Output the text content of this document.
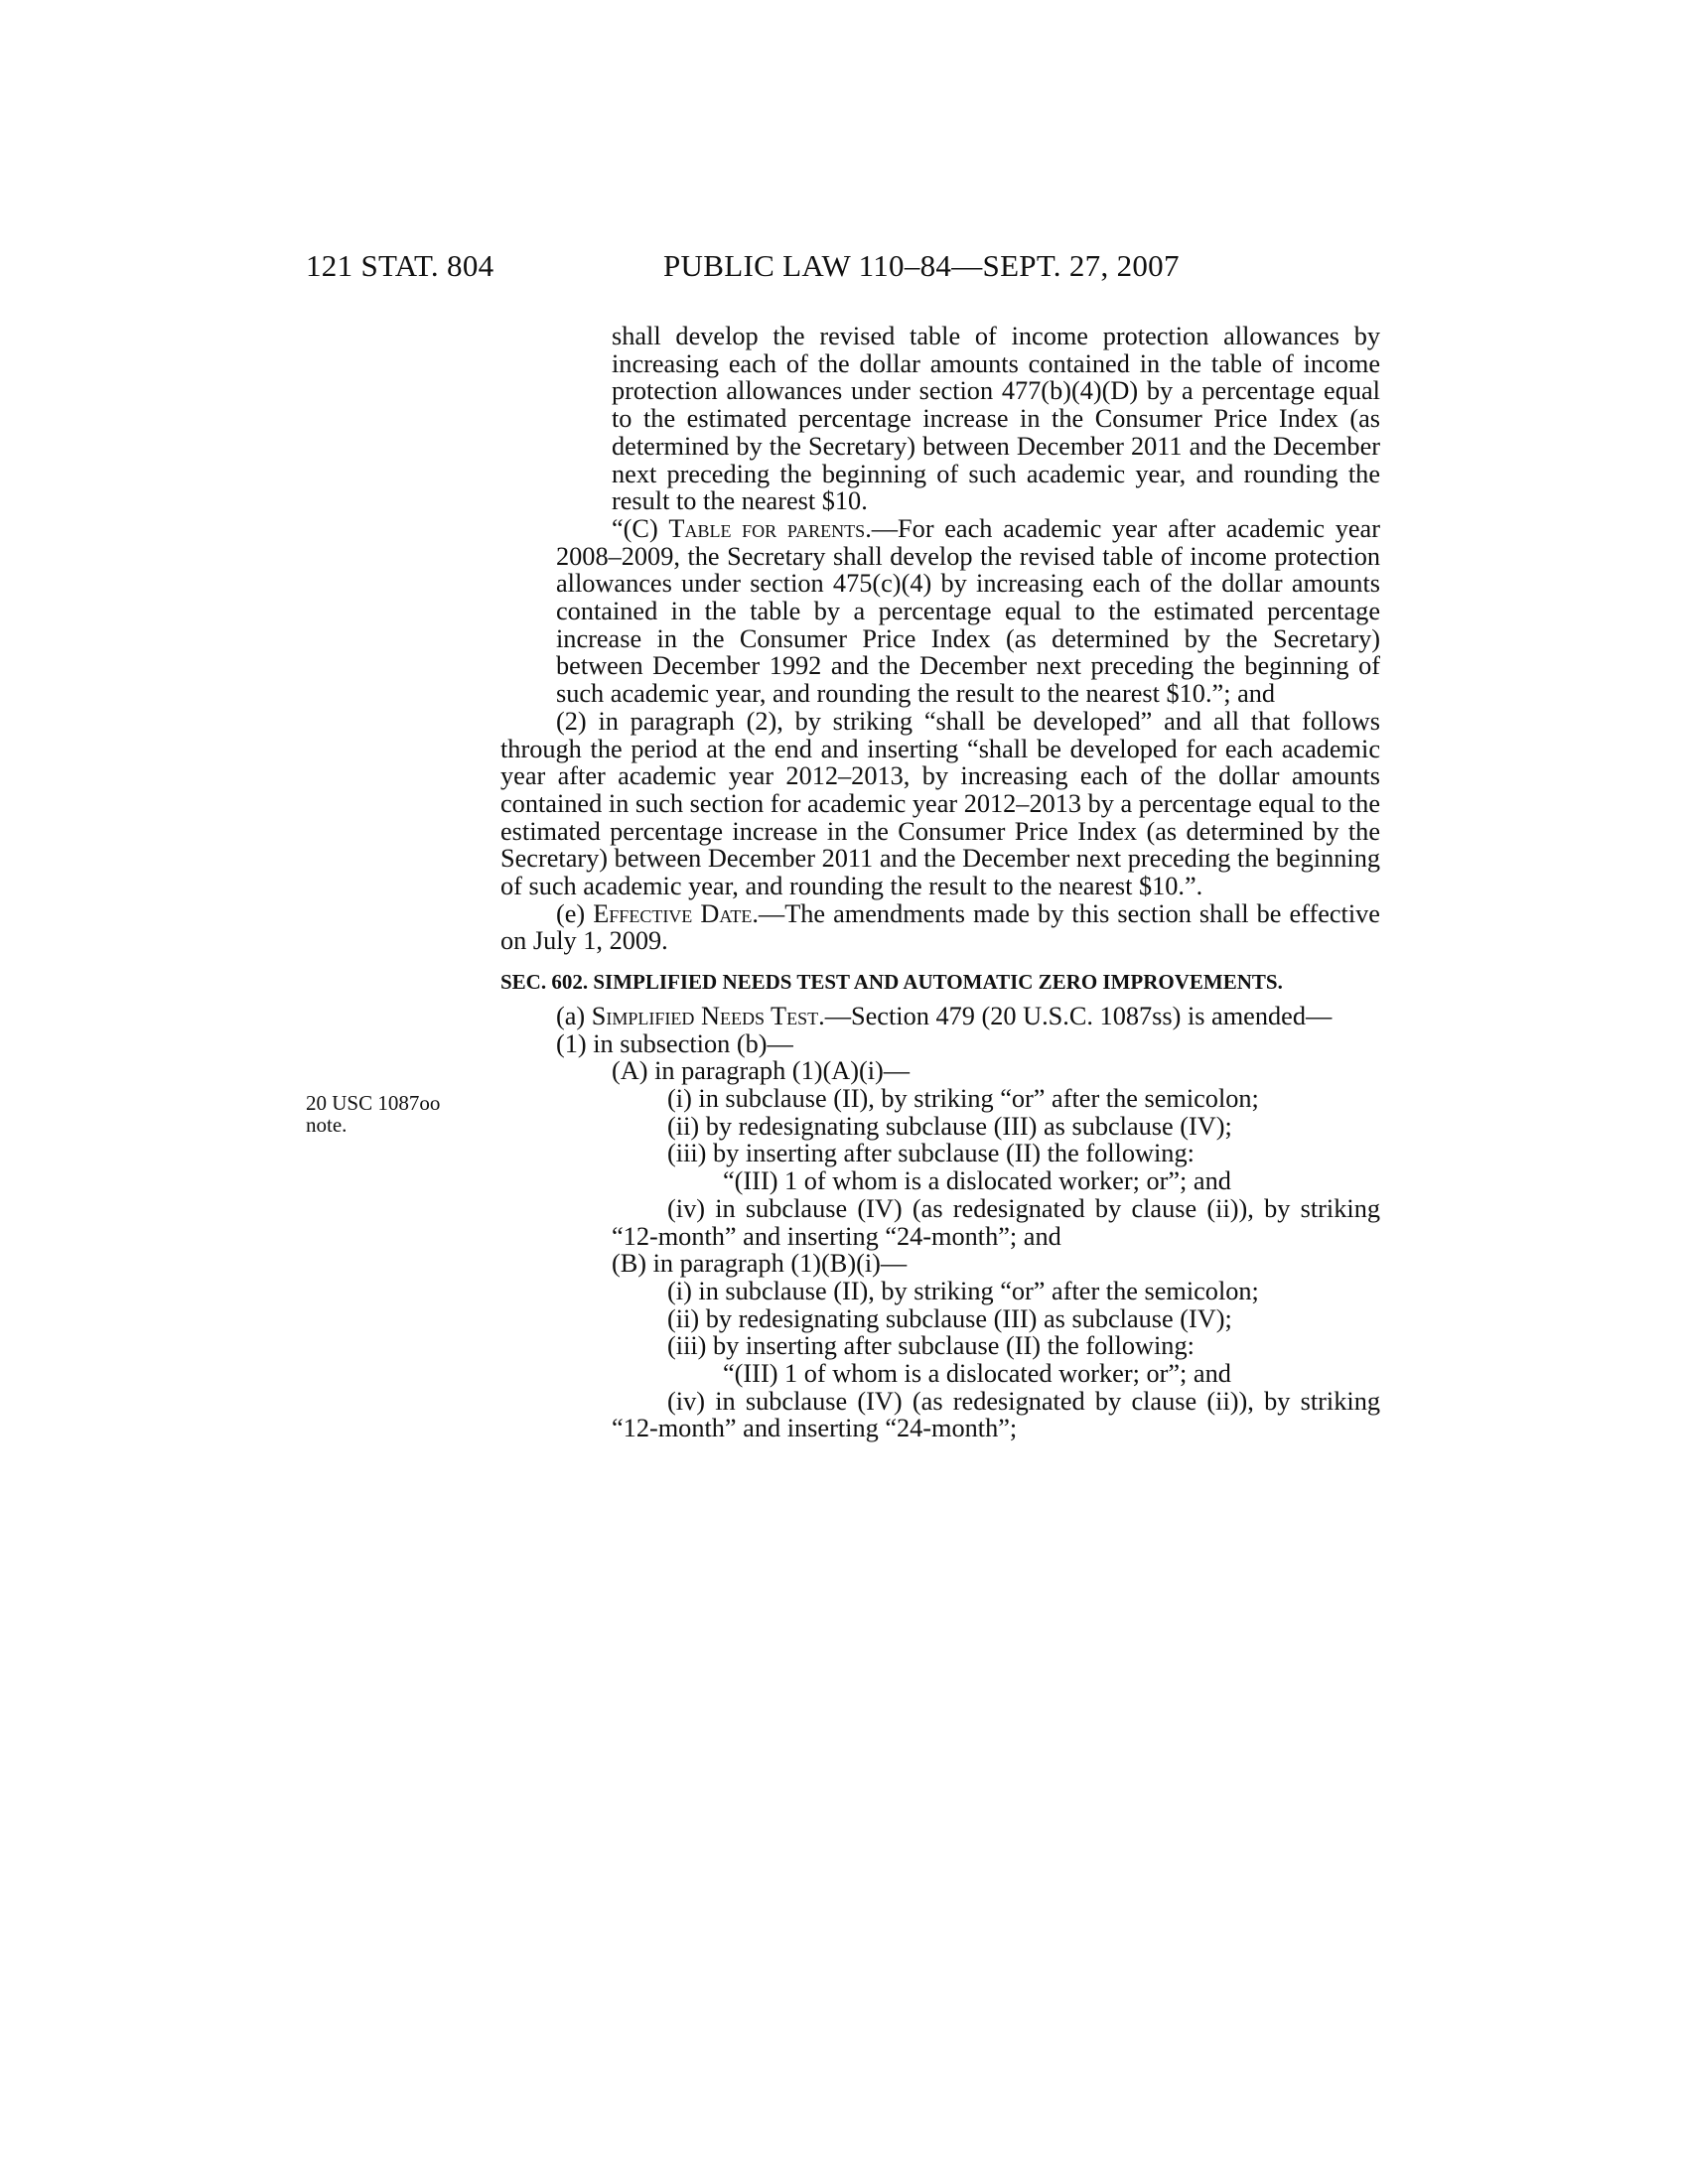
121 STAT. 804	PUBLIC LAW 110–84—SEPT. 27, 2007
20 USC 1087oo
note.

shall develop the revised table of income protection allowances by increasing each of the dollar amounts contained in the table of income protection allowances under section 477(b)(4)(D) by a percentage equal to the estimated percentage increase in the Consumer Price Index (as determined by the Secretary) between December 2011 and the December next preceding the beginning of such academic year, and rounding the result to the nearest $10.

“(C) Table for parents.—For each academic year after academic year 2008–2009, the Secretary shall develop the revised table of income protection allowances under section 475(c)(4) by increasing each of the dollar amounts contained in the table by a percentage equal to the estimated percentage increase in the Consumer Price Index (as determined by the Secretary) between December 1992 and the December next preceding the beginning of such academic year, and rounding the result to the nearest $10.”; and

(2) in paragraph (2), by striking “shall be developed” and all that follows through the period at the end and inserting “shall be developed for each academic year after academic year 2012–2013, by increasing each of the dollar amounts contained in such section for academic year 2012–2013 by a percentage equal to the estimated percentage increase in the Consumer Price Index (as determined by the Secretary) between December 2011 and the December next preceding the beginning of such academic year, and rounding the result to the nearest $10.”.

(e) Effective Date.—The amendments made by this section shall be effective on July 1, 2009.

SEC. 602. SIMPLIFIED NEEDS TEST AND AUTOMATIC ZERO IMPROVEMENTS.

(a) Simplified Needs Test.—Section 479 (20 U.S.C. 1087ss) is amended—

(1) in subsection (b)—

(A) in paragraph (1)(A)(i)—

(i) in subclause (II), by striking “or” after the semicolon;

(ii) by redesignating subclause (III) as subclause (IV);

(iii) by inserting after subclause (II) the following:

“(III) 1 of whom is a dislocated worker; or”; and

(iv) in subclause (IV) (as redesignated by clause (ii)), by striking “12-month” and inserting “24-month”; and

(B) in paragraph (1)(B)(i)—

(i) in subclause (II), by striking “or” after the semicolon;

(ii) by redesignating subclause (III) as subclause (IV);

(iii) by inserting after subclause (II) the following:

“(III) 1 of whom is a dislocated worker; or”; and

(iv) in subclause (IV) (as redesignated by clause (ii)), by striking “12-month” and inserting “24-month”;
